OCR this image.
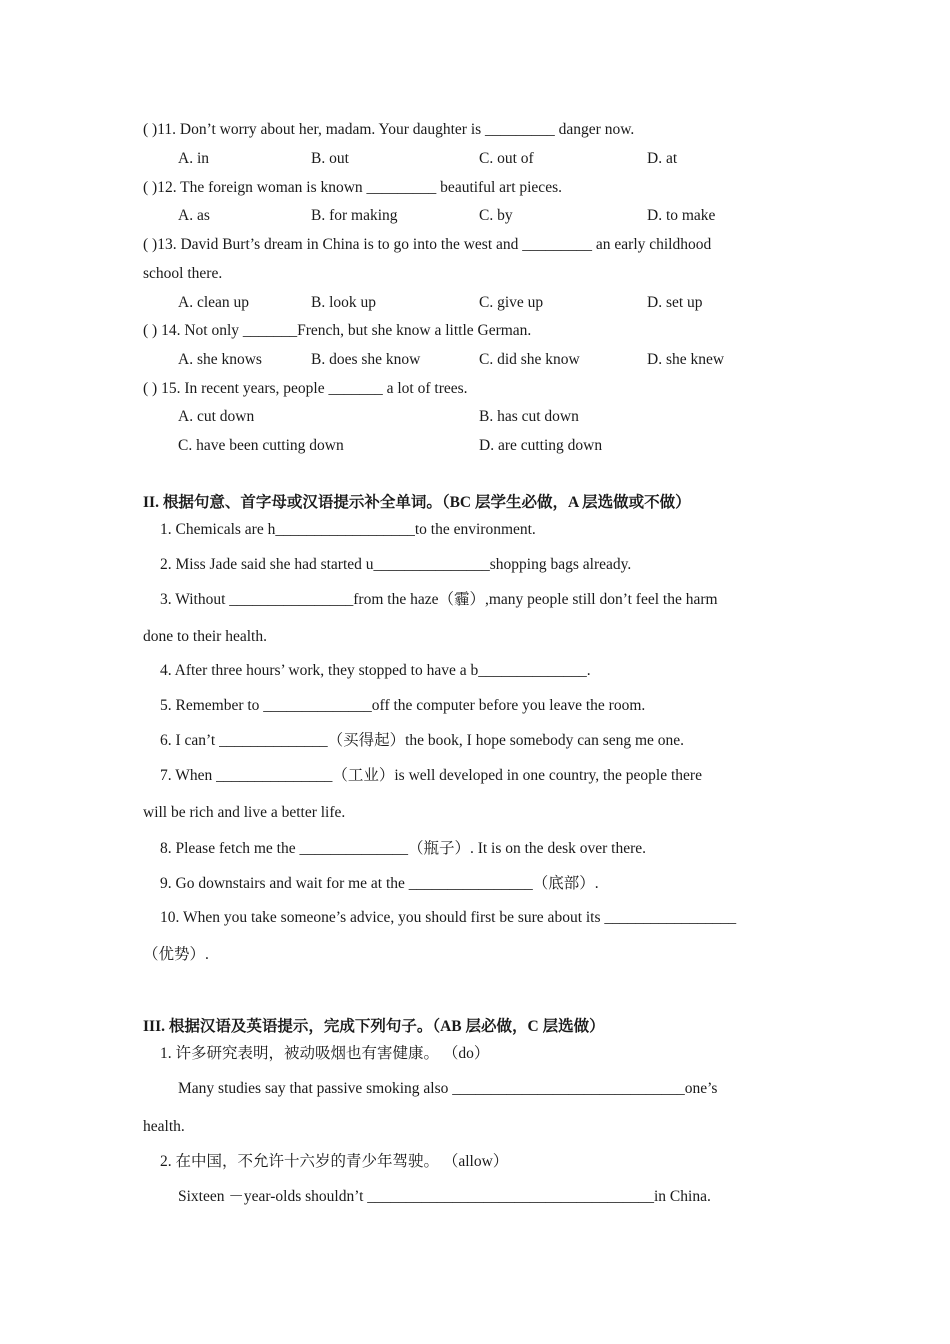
( )11. Don’t worry about her, madam. Your daughter is _________ danger now.
A. in	B. out	C. out of	D. at
( )12. The foreign woman is known _________ beautiful art pieces.
A. as	B. for making	C. by	D. to make
( )13. David Burt’s dream in China is to go into the west and _________ an early childhood
school there.
A. clean up	B. look up	C. give up	D. set up
( ) 14. Not only _______French, but she know a little German.
A. she knows	B. does she know	C. did she know	D. she knew
( ) 15. In recent years, people _______ a lot of trees.
A. cut down	B. has cut down
C. have been cutting down	D. are cutting down
II. 根据句意、首字母或汉语提示补全单词。（BC 层学生必做，A 层选做或不做）
1. Chemicals are h__________________to the environment.
2. Miss Jade said she had started u_______________shopping bags already.
3. Without ________________from the haze（霾）,many people still don’t feel the harm
done to their health.
4. After three hours’ work, they stopped to have a b______________.
5. Remember to ______________off the computer before you leave the room.
6. I can’t ______________（买得起）the book, I hope somebody can seng me one.
7. When _______________（工业）is well developed in one country, the people there
will be rich and live a better life.
8. Please fetch me the ______________（瓶子）. It is on the desk over there.
9. Go downstairs and wait for me at the ________________（底部）.
10. When you take someone’s advice, you should first be sure about its _________________
（优势）.
III. 根据汉语及英语提示，完成下列句子。（AB 层必做，C 层选做）
1. 许多研究表明，被动吸烟也有害健康。 （do）
Many studies say that passive smoking also ______________________________one’s
health.
2. 在中国，不允许十六岁的青少年驾驶。 （allow）
Sixteen －year-olds shouldn’t _____________________________________in China.
